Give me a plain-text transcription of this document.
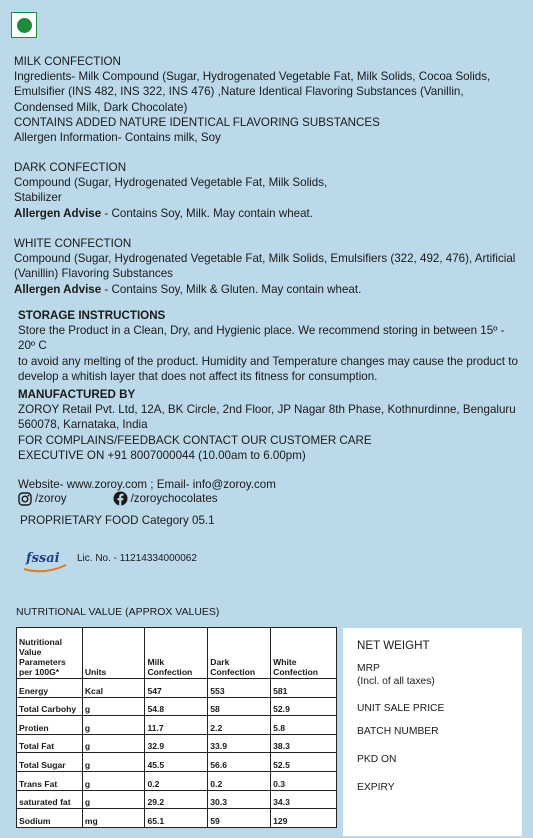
MILK CONFECTION

Ingredients- Milk Compound (Sugar, Hydrogenated Vegetable Fat, Milk Solids, Cocoa Solids,

Emulsifier (INS 482, INS 322, INS 476) ,Nature Identical Flavoring Substances (Vanillin,

Condensed Milk, Dark Chocolate)

CONTAINS ADDED NATURE IDENTICAL FLAVORING SUBSTANCES

Allergen Information- Contains milk, Soy

DARK CONFECTION

Compound (Sugar, Hydrogenated Vegetable Fat, Milk Solids,

Stabilizer

Allergen Advise - Contains Soy, Milk. May contain wheat.

WHITE CONFECTION

Compound (Sugar, Hydrogenated Vegetable Fat, Milk Solids, Emulsifiers (322, 492, 476), Artificial

(Vanillin) Flavoring Substances

Allergen Advise - Contains Soy, Milk & Gluten. May contain wheat.

STORAGE INSTRUCTIONS

Store the Product in a Clean, Dry, and Hygienic place. We recommend storing in between 15º - 20º C

to avoid any melting of the product. Humidity and Temperature changes may cause the product to

develop a whitish layer that does not affect its fitness for consumption.

MANUFACTURED BY

ZOROY Retail Pvt. Ltd, 12A, BK Circle, 2nd Floor, JP Nagar 8th Phase, Kothnurdinne, Bengaluru

560078, Karnataka, India

FOR COMPLAINS/FEEDBACK CONTACT OUR CUSTOMER CARE

EXECUTIVE ON +91 8007000044 (10.00am to 6.00pm)

Website- www.zoroy.com ; Email- info@zoroy.com

/zoroy	/zoroychocolates
PROPRIETARY FOOD Category 05.1
fssai Lic. No. - 11214334000062
NUTRITIONAL VALUE (APPROX VALUES)
Nutritional Value Parameters per 100G*	Units	Milk Confection	Dark Confection	White Confection
Energy	Kcal	547	553	581
Total Carbohy	g	54.8	58	52.9
Protien	g	11.7	2.2	5.8
Total Fat	g	32.9	33.9	38.3
Total Sugar	g	45.5	56.6	52.5
Trans Fat	g	0.2	0.2	0.3
saturated fat	g	29.2	30.3	34.3
Sodium	mg	65.1	59	129
NET WEIGHT
MRP
(Incl. of all taxes)
UNIT SALE PRICE
BATCH NUMBER
PKD ON
EXPIRY
